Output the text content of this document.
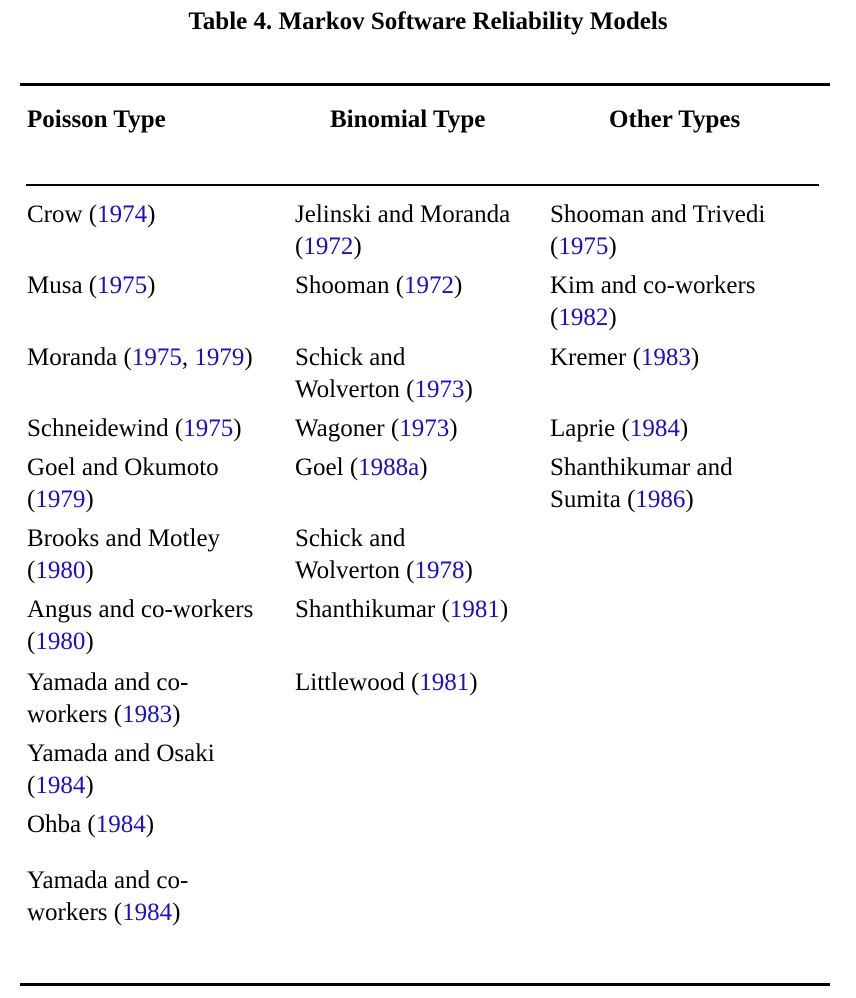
Table 4. Markov Software Reliability Models
Poisson Type	Binomial Type	Other Types
Crow (1974)
Musa (1975)
Moranda (1975, 1979)
Schneidewind (1975)
Goel and Okumoto
(1979)
Brooks and Motley
(1980)
Angus and co-workers
(1980)
Yamada and co-
workers (1983)
Yamada and Osaki
(1984)
Ohba (1984)
Yamada and co-
workers (1984)
Jelinski and Moranda
(1972)
Shooman (1972)
Schick and
Wolverton (1973)
Wagoner (1973)
Goel (1988a)
Schick and
Wolverton (1978)
Shanthikumar (1981)
Littlewood (1981)
Shooman and Trivedi
(1975)
Kim and co-workers
(1982)
Kremer (1983)
Laprie (1984)
Shanthikumar and
Sumita (1986)
